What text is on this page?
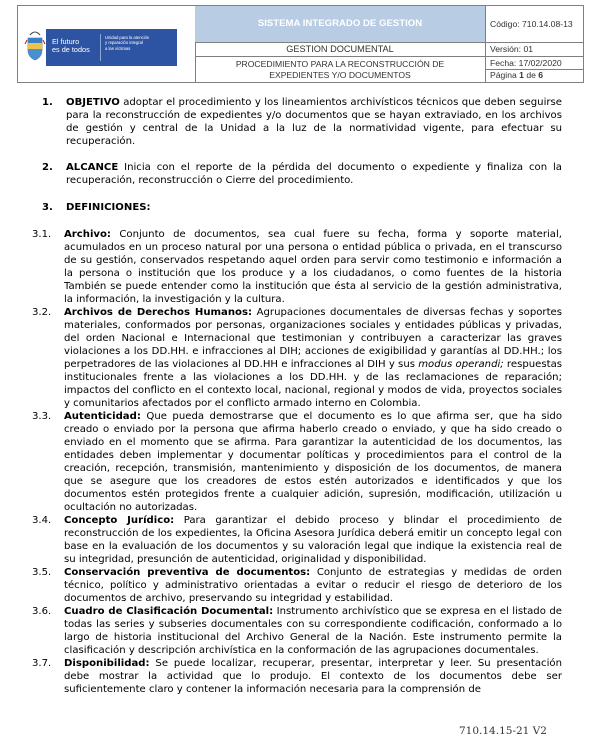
El futuro
es de todos
Unidad para la atención
y reparación integral
a las víctimas
SISTEMA INTEGRADO DE GESTION
GESTION DOCUMENTAL
PROCEDIMIENTO PARA LA RECONSTRUCCIÓN DE
EXPEDIENTES Y/O DOCUMENTOS
Código: 710.14.08-13
Versión: 01
Fecha: 17/02/2020
Página 1 de 6
1. OBJETIVO adoptar el procedimiento y los lineamientos archivísticos técnicos que deben seguirse para la reconstrucción de expedientes y/o documentos que se hayan extraviado, en los archivos de gestión y central de la Unidad a la luz de la normatividad vigente, para efectuar su recuperación.
2. ALCANCE Inicia con el reporte de la pérdida del documento o expediente y finaliza con la recuperación, reconstrucción o Cierre del procedimiento.
3. DEFINICIONES:
3.1. Archivo: Conjunto de documentos, sea cual fuere su fecha, forma y soporte material, acumulados en un proceso natural por una persona o entidad pública o privada, en el transcurso de su gestión, conservados respetando aquel orden para servir como testimonio e información a la persona o institución que los produce y a los ciudadanos, o como fuentes de la historia También se puede entender como la institución que ésta al servicio de la gestión administrativa, la información, la investigación y la cultura.
3.2. Archivos de Derechos Humanos: Agrupaciones documentales de diversas fechas y soportes materiales, conformados por personas, organizaciones sociales y entidades públicas y privadas, del orden Nacional e Internacional que testimonian y contribuyen a caracterizar las graves violaciones a los DD.HH. e infracciones al DIH; acciones de exigibilidad y garantías al DD.HH.; los perpetradores de las violaciones al DD.HH e infracciones al DIH y sus modus operandi; respuestas institucionales frente a las violaciones a los DD.HH. y de las reclamaciones de reparación; impactos del conflicto en el contexto local, nacional, regional y modos de vida, proyectos sociales y comunitarios afectados por el conflicto armado interno en Colombia.
3.3. Autenticidad: Que pueda demostrarse que el documento es lo que afirma ser, que ha sido creado o enviado por la persona que afirma haberlo creado o enviado, y que ha sido creado o enviado en el momento que se afirma. Para garantizar la autenticidad de los documentos, las entidades deben implementar y documentar políticas y procedimientos para el control de la creación, recepción, transmisión, mantenimiento y disposición de los documentos, de manera que se asegure que los creadores de estos estén autorizados e identificados y que los documentos estén protegidos frente a cualquier adición, supresión, modificación, utilización u ocultación no autorizadas.
3.4. Concepto Jurídico: Para garantizar el debido proceso y blindar el procedimiento de reconstrucción de los expedientes, la Oficina Asesora Jurídica deberá emitir un concepto legal con base en la evaluación de los documentos y su valoración legal que indique la existencia real de su integridad, presunción de autenticidad, originalidad y disponibilidad.
3.5. Conservación preventiva de documentos: Conjunto de estrategias y medidas de orden técnico, político y administrativo orientadas a evitar o reducir el riesgo de deterioro de los documentos de archivo, preservando su integridad y estabilidad.
3.6. Cuadro de Clasificación Documental: Instrumento archivístico que se expresa en el listado de todas las series y subseries documentales con su correspondiente codificación, conformado a lo largo de historia institucional del Archivo General de la Nación. Este instrumento permite la clasificación y descripción archivística en la conformación de las agrupaciones documentales.
3.7. Disponibilidad: Se puede localizar, recuperar, presentar, interpretar y leer. Su presentación debe mostrar la actividad que lo produjo. El contexto de los documentos debe ser suficientemente claro y contener la información necesaria para la comprensión de
710.14.15-21 V2
